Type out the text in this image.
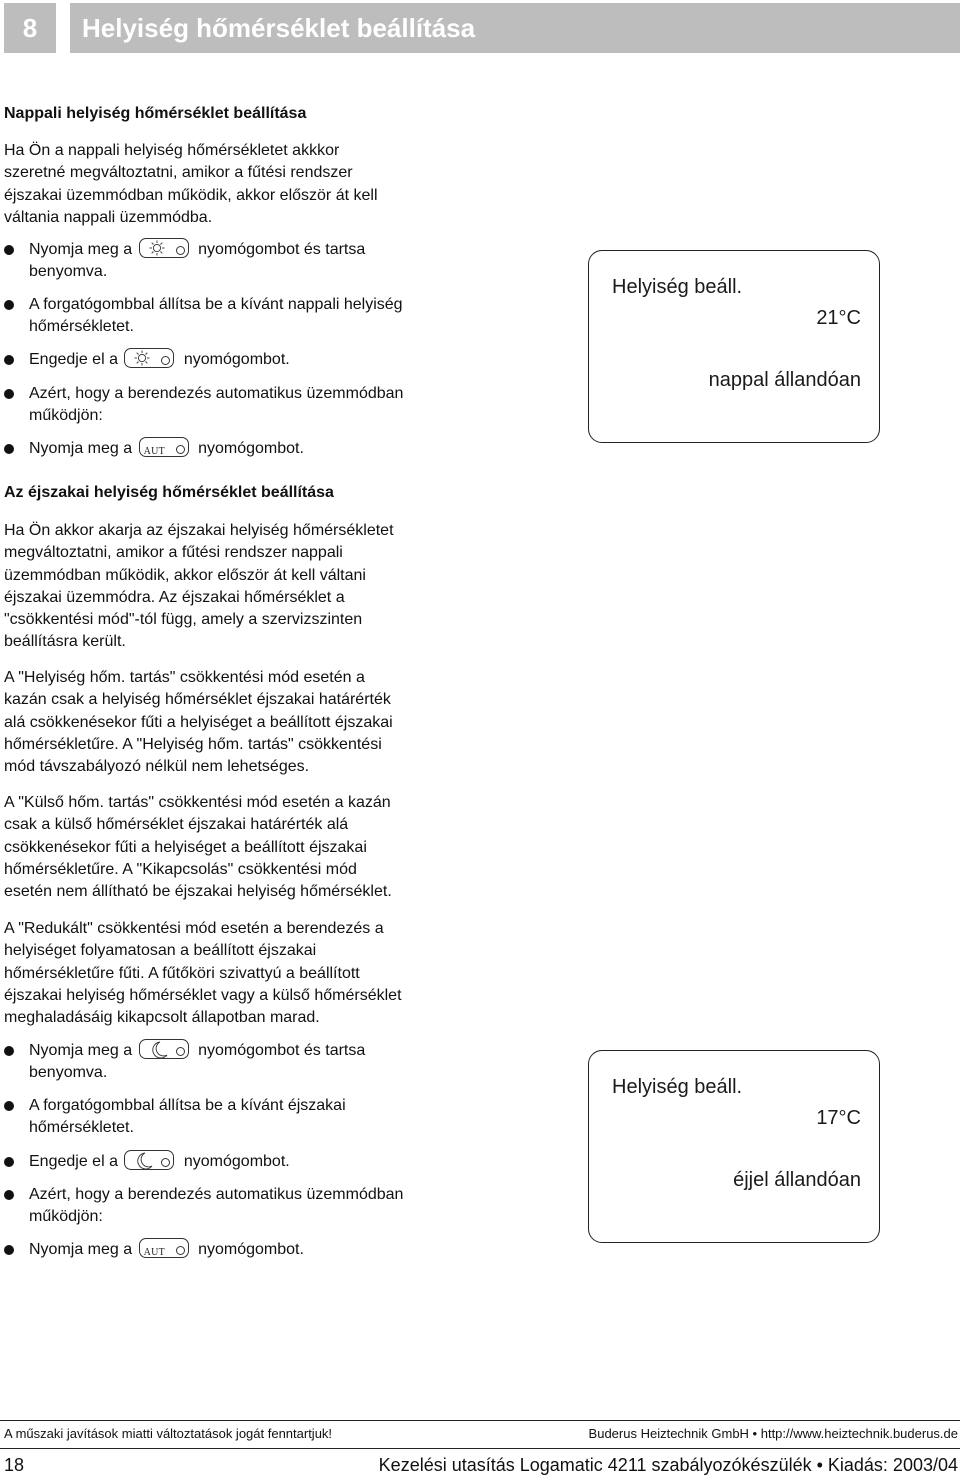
8	Helyiség hőmérséklet beállítása
Nappali helyiség hőmérséklet beállítása
Ha Ön a nappali helyiség hőmérsékletet akkkor
szeretné megváltoztatni, amikor a fűtési rendszer
éjszakai üzemmódban működik, akkor először át kell
váltania nappali üzemmódba.
Nyomja meg a	nyomógombot és tartsa
benyomva.
A forgatógombbal állítsa be a kívánt nappali helyiség
hőmérsékletet.
Engedje el a	nyomógombot.
Azért, hogy a berendezés automatikus üzemmódban
működjön:
Nyomja meg a AUT nyomógombot.
Helyiség beáll.
21°C
nappal állandóan
Az éjszakai helyiség hőmérséklet beállítása
Ha Ön akkor akarja az éjszakai helyiség hőmérsékletet
megváltoztatni, amikor a fűtési rendszer nappali
üzemmódban működik, akkor először át kell váltani
éjszakai üzemmódra. Az éjszakai hőmérséklet a
"csökkentési mód"-tól függ, amely a szervizszinten
beállításra került.
A "Helyiség hőm. tartás" csökkentési mód esetén a
kazán csak a helyiség hőmérséklet éjszakai határérték
alá csökkenésekor fűti a helyiséget a beállított éjszakai
hőmérsékletűre. A "Helyiség hőm. tartás" csökkentési
mód távszabályozó nélkül nem lehetséges.
A "Külső hőm. tartás" csökkentési mód esetén a kazán
csak a külső hőmérséklet éjszakai határérték alá
csökkenésekor fűti a helyiséget a beállított éjszakai
hőmérsékletűre. A "Kikapcsolás" csökkentési mód
esetén nem állítható be éjszakai helyiség hőmérséklet.
A "Redukált" csökkentési mód esetén a berendezés a
helyiséget folyamatosan a beállított éjszakai
hőmérsékletűre fűti. A fűtőköri szivattyú a beállított
éjszakai helyiség hőmérséklet vagy a külső hőmérséklet
meghaladásáig kikapcsolt állapotban marad.
Nyomja meg a	nyomógombot és tartsa
benyomva.
A forgatógombbal állítsa be a kívánt éjszakai
hőmérsékletet.
Engedje el a	nyomógombot.
Azért, hogy a berendezés automatikus üzemmódban
működjön:
Nyomja meg a AUT nyomógombot.
Helyiség beáll.
17°C
éjjel állandóan
A műszaki javítások miatti változtatások jogát fenntartjuk!	Buderus Heiztechnik GmbH • http://www.heiztechnik.buderus.de
18	Kezelési utasítás Logamatic 4211 szabályozókészülék • Kiadás: 2003/04
